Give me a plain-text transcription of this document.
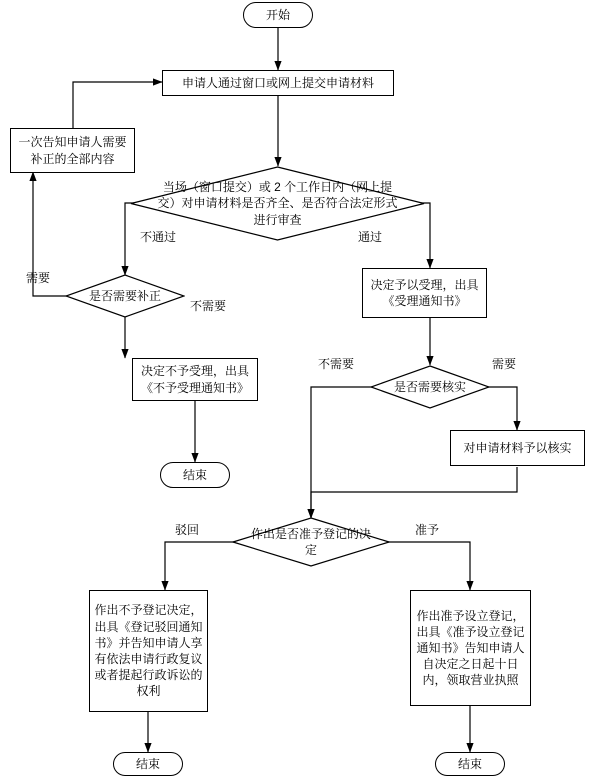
开始
申请人通过窗口或网上提交申请材料
一次告知申请人需要补正的全部内容
当场（窗口提交）或 2 个工作日内（网上提交）对申请材料是否齐全、是否符合法定形式进行审查
是否需要补正
决定予以受理，出具《受理通知书》
决定不予受理，出具《不予受理通知书》
结束
是否需要核实
对申请材料予以核实
作出是否准予登记的决定
作出不予登记决定，出具《登记驳回通知书》并告知申请人享有依法申请行政复议或者提起行政诉讼的权利
作出准予设立登记，出具《准予设立登记通知书》告知申请人自决定之日起十日内，领取营业执照
结束	结束
不通过	通过
需要
不需要
不需要	需要
驳回	准予
